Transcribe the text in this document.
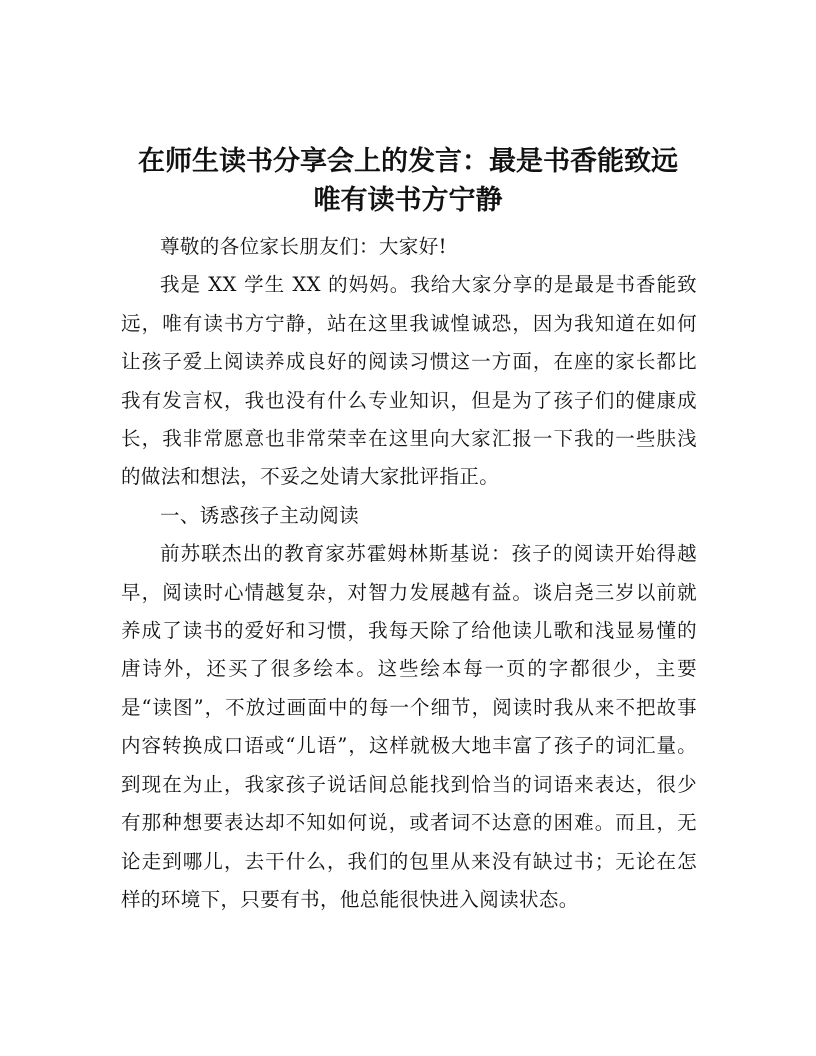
在师生读书分享会上的发言：最是书香能致远
唯有读书方宁静

尊敬的各位家长朋友们：大家好!

我是 XX 学生 XX 的妈妈。我给大家分享的是最是书香能致远，唯有读书方宁静，站在这里我诚惶诚恐，因为我知道在如何让孩子爱上阅读养成良好的阅读习惯这一方面，在座的家长都比我有发言权，我也没有什么专业知识，但是为了孩子们的健康成长，我非常愿意也非常荣幸在这里向大家汇报一下我的一些肤浅的做法和想法，不妥之处请大家批评指正。

一、诱惑孩子主动阅读

前苏联杰出的教育家苏霍姆林斯基说：孩子的阅读开始得越早，阅读时心情越复杂，对智力发展越有益。谈启尧三岁以前就养成了读书的爱好和习惯，我每天除了给他读儿歌和浅显易懂的唐诗外，还买了很多绘本。这些绘本每一页的字都很少，主要是“读图”，不放过画面中的每一个细节，阅读时我从来不把故事内容转换成口语或“儿语”，这样就极大地丰富了孩子的词汇量。到现在为止，我家孩子说话间总能找到恰当的词语来表达，很少有那种想要表达却不知如何说，或者词不达意的困难。而且，无论走到哪儿，去干什么，我们的包里从来没有缺过书；无论在怎样的环境下，只要有书，他总能很快进入阅读状态。
